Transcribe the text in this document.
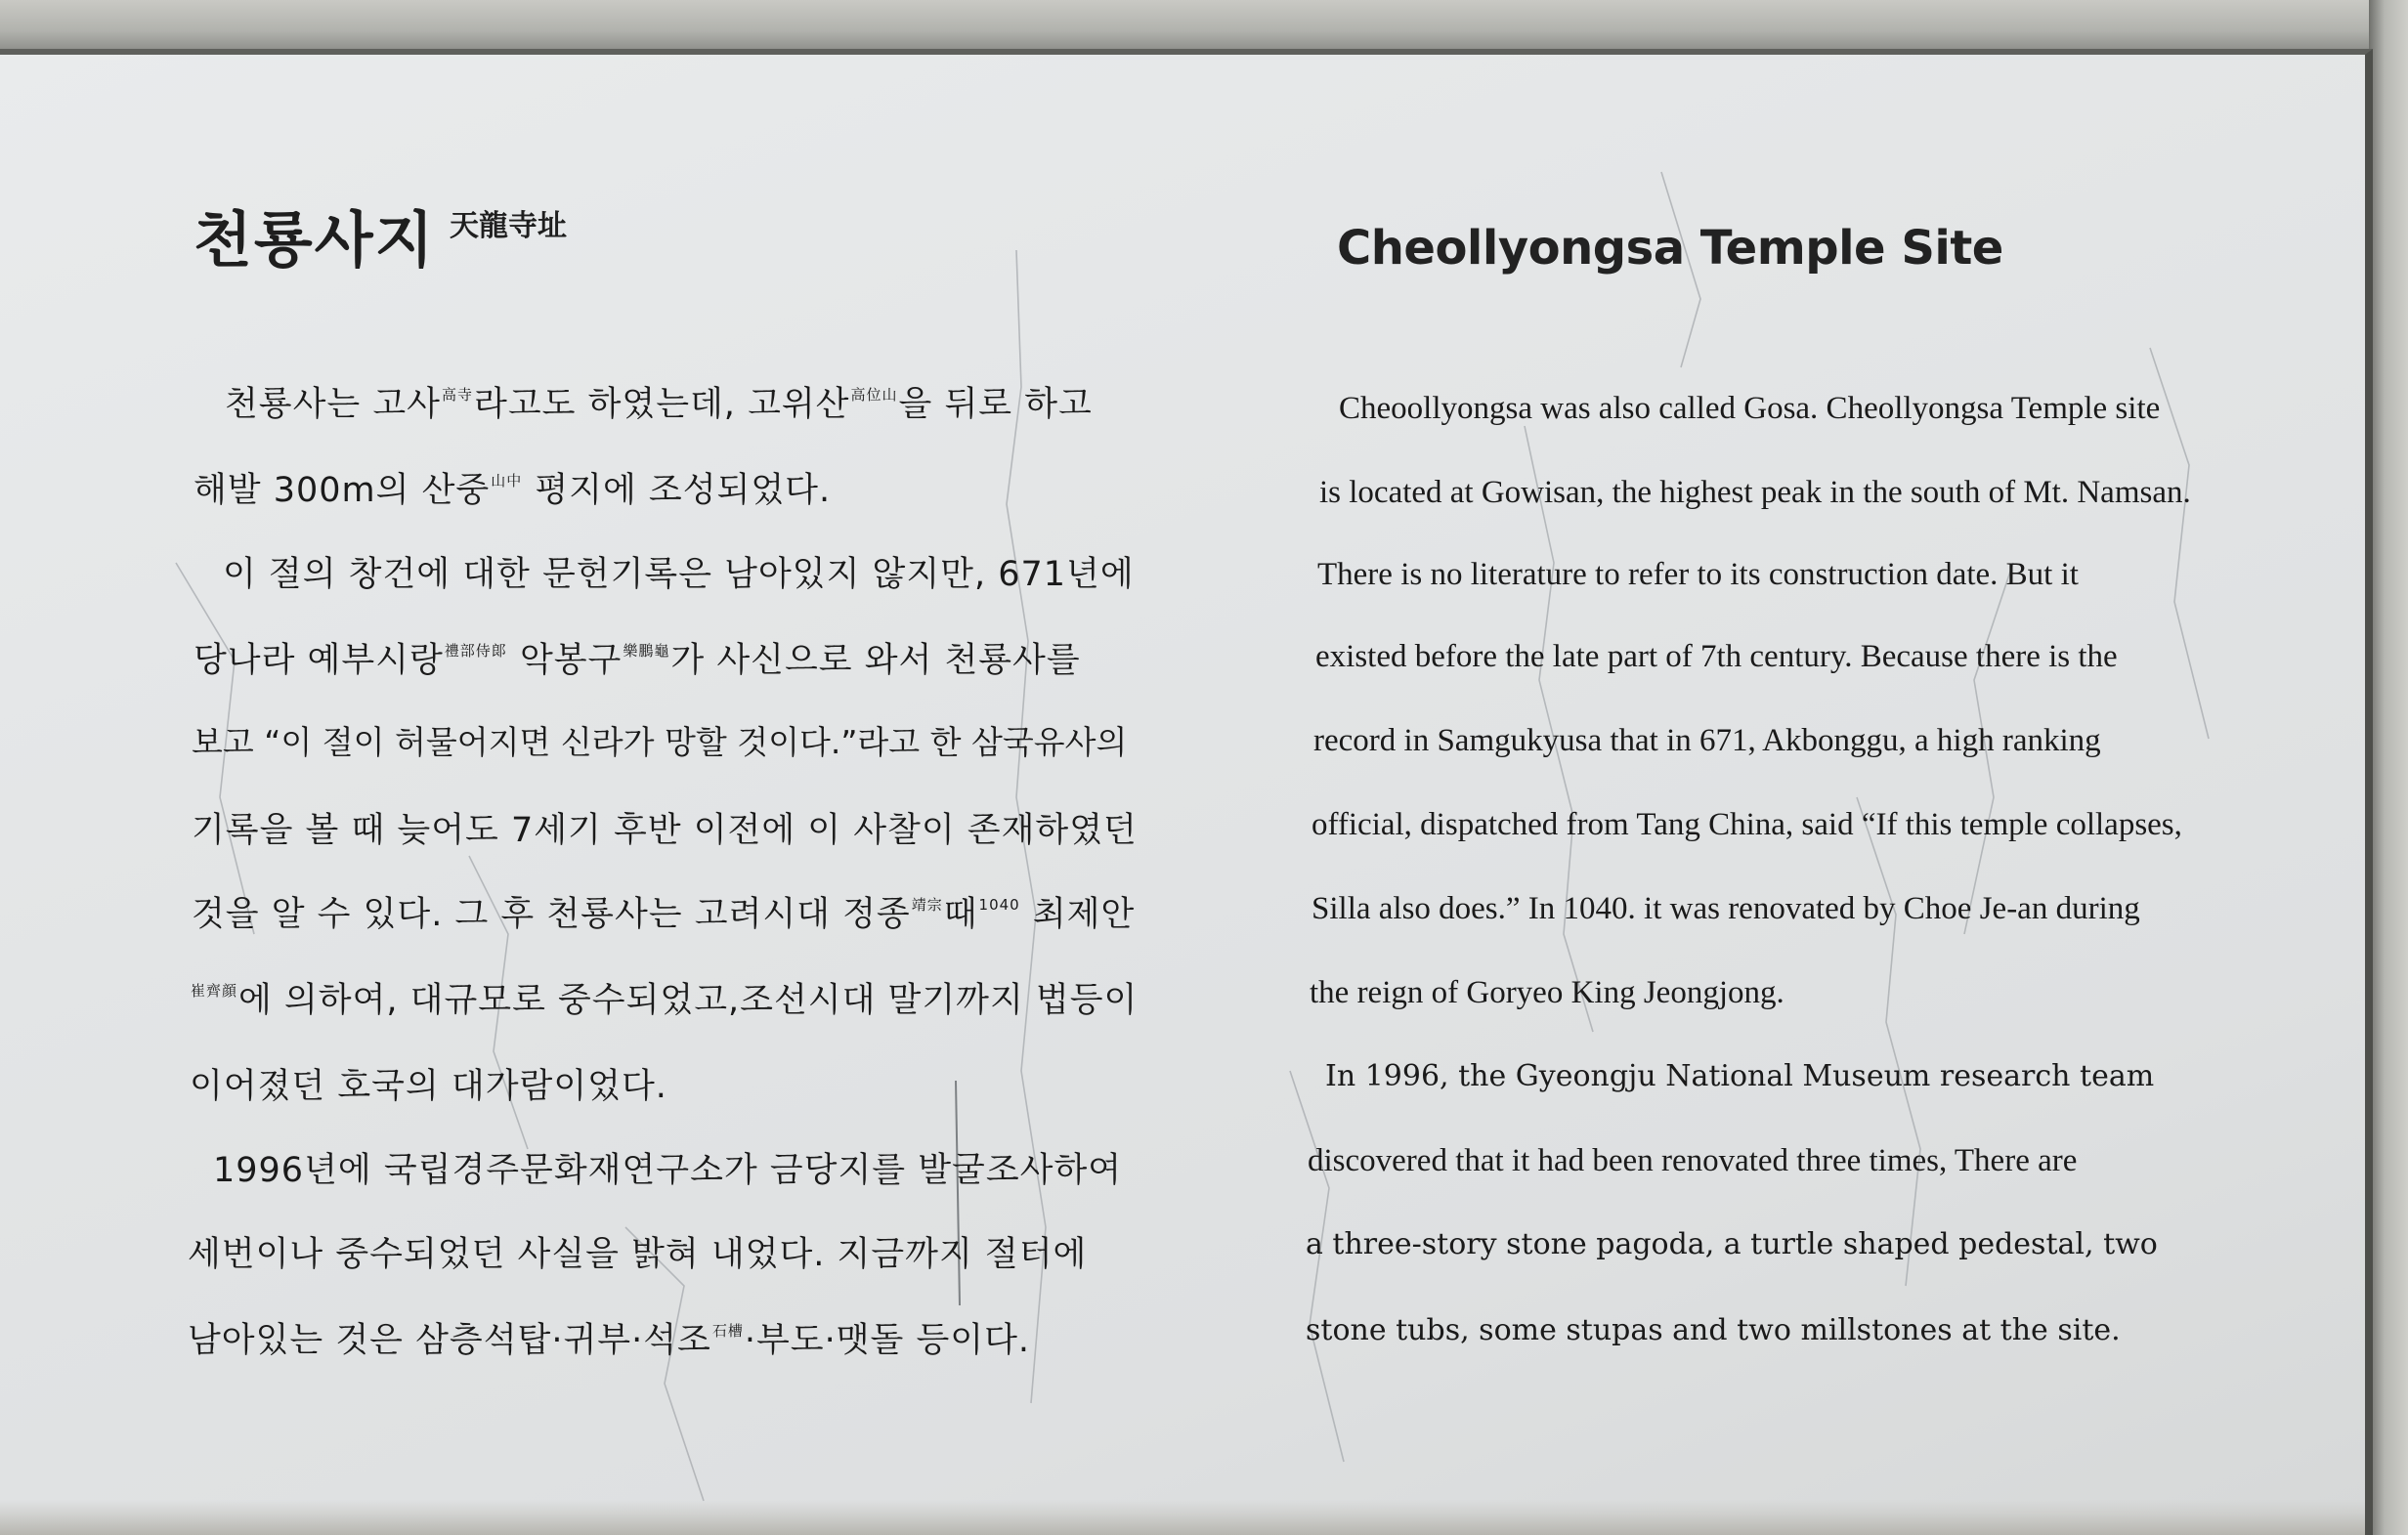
천룡사지 天龍寺址
천룡사는 고사$^{高寺}$라고도 하였는데, 고위산$^{高位山}$을 뒤로 하고
해발 300m의 산중$^{山中}$ 평지에 조성되었다.
이 절의 창건에 대한 문헌기록은 남아있지 않지만, 671년에
당나라 예부시랑$^{禮部侍郞}$ 악봉구$^{樂鵬龜}$가 사신으로 와서 천룡사를
보고 “이 절이 허물어지면 신라가 망할 것이다.”라고 한 삼국유사의
기록을 볼 때 늦어도 7세기 후반 이전에 이 사찰이 존재하였던
것을 알 수 있다. 그 후 천룡사는 고려시대 정종$^{靖宗}$때$^{1040}$ 최제안
$^{崔齊顔}$에 의하여, 대규모로 중수되었고,조선시대 말기까지 법등이
이어졌던 호국의 대가람이었다.
1996년에 국립경주문화재연구소가 금당지를 발굴조사하여
세번이나 중수되었던 사실을 밝혀 내었다. 지금까지 절터에
남아있는 것은 삼층석탑·귀부·석조$^{石槽}$·부도·맷돌 등이다.
Cheollyongsa Temple Site
Cheoollyongsa was also called Gosa. Cheollyongsa Temple site
is located at Gowisan, the highest peak in the south of Mt. Namsan.
There is no literature to refer to its construction date. But it
existed before the late part of 7th century. Because there is the
record in Samgukyusa that in 671, Akbonggu, a high ranking
official, dispatched from Tang China, said “If this temple collapses,
Silla also does.” In 1040. it was renovated by Choe Je-an during
the reign of Goryeo King Jeongjong.
In 1996, the Gyeongju National Museum research team
discovered that it had been renovated three times, There are
a three-story stone pagoda, a turtle shaped pedestal, two
stone tubs, some stupas and two millstones at the site.
